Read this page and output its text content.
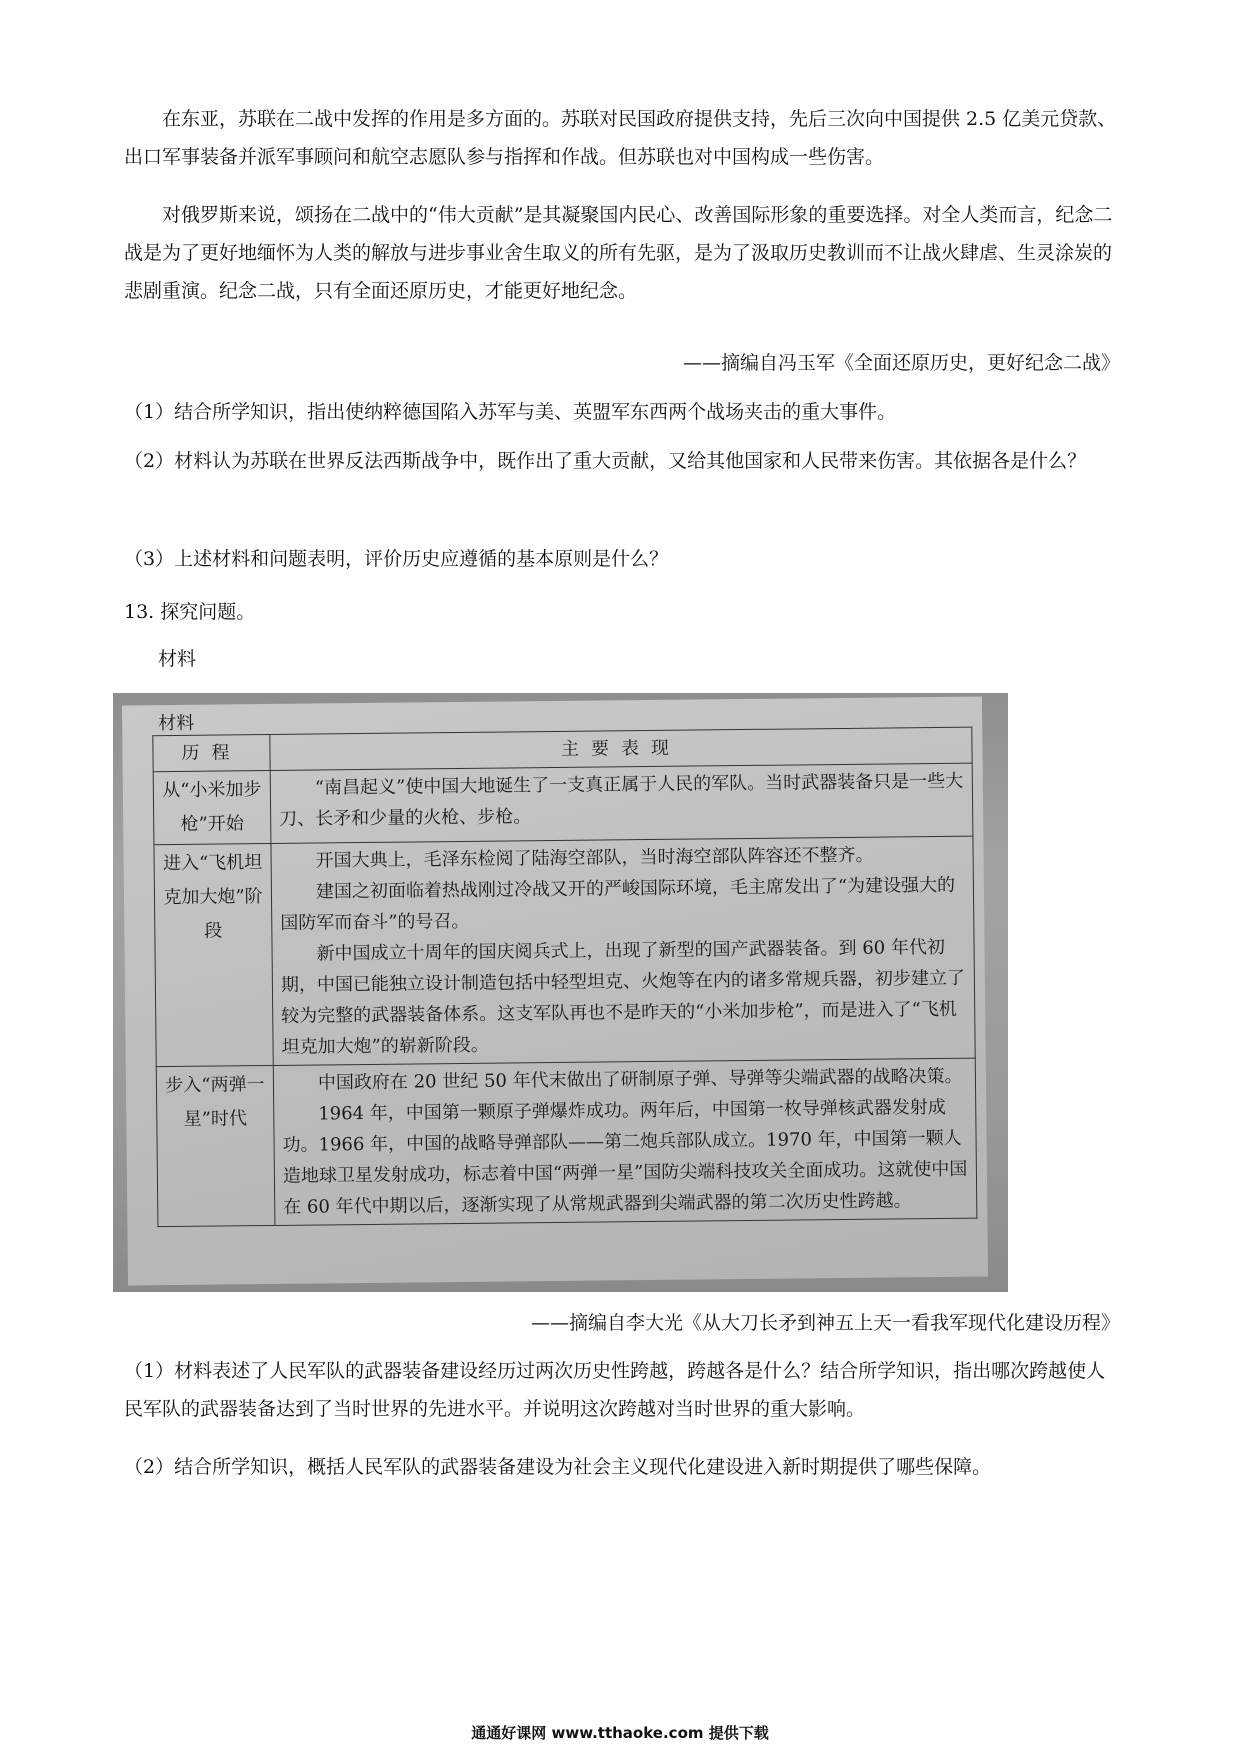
在东亚，苏联在二战中发挥的作用是多方面的。苏联对民国政府提供支持，先后三次向中国提供 2.5 亿美元贷款、出口军事装备并派军事顾问和航空志愿队参与指挥和作战。但苏联也对中国构成一些伤害。

对俄罗斯来说，颂扬在二战中的“伟大贡献”是其凝聚国内民心、改善国际形象的重要选择。对全人类而言，纪念二战是为了更好地缅怀为人类的解放与进步事业舍生取义的所有先驱，是为了汲取历史教训而不让战火肆虐、生灵涂炭的悲剧重演。纪念二战，只有全面还原历史，才能更好地纪念。

——摘编自冯玉军《全面还原历史，更好纪念二战》

（1）结合所学知识，指出使纳粹德国陷入苏军与美、英盟军东西两个战场夹击的重大事件。

（2）材料认为苏联在世界反法西斯战争中，既作出了重大贡献，又给其他国家和人民带来伤害。其依据各是什么？

（3）上述材料和问题表明，评价历史应遵循的基本原则是什么？

13. 探究问题。

材料

材料
历程	主要表现
从“小米加步枪”开始	“南昌起义”使中国大地诞生了一支真正属于人民的军队。当时武器装备只是一些大刀、长矛和少量的火枪、步枪。

进入“飞机坦克加大炮”阶段	开国大典上，毛泽东检阅了陆海空部队，当时海空部队阵容还不整齐。

建国之初面临着热战刚过冷战又开的严峻国际环境，毛主席发出了“为建设强大的国防军而奋斗”的号召。

新中国成立十周年的国庆阅兵式上，出现了新型的国产武器装备。到 60 年代初期，中国已能独立设计制造包括中轻型坦克、火炮等在内的诸多常规兵器，初步建立了较为完整的武器装备体系。这支军队再也不是昨天的“小米加步枪”，而是进入了“飞机坦克加大炮”的崭新阶段。

步入“两弹一星”时代	中国政府在 20 世纪 50 年代末做出了研制原子弹、导弹等尖端武器的战略决策。

1964 年，中国第一颗原子弹爆炸成功。两年后，中国第一枚导弹核武器发射成功。1966 年，中国的战略导弹部队——第二炮兵部队成立。1970 年，中国第一颗人造地球卫星发射成功，标志着中国“两弹一星”国防尖端科技攻关全面成功。这就使中国在 60 年代中期以后，逐渐实现了从常规武器到尖端武器的第二次历史性跨越。

——摘编自李大光《从大刀长矛到神五上天一看我军现代化建设历程》

（1）材料表述了人民军队的武器装备建设经历过两次历史性跨越，跨越各是什么？结合所学知识，指出哪次跨越使人民军队的武器装备达到了当时世界的先进水平。并说明这次跨越对当时世界的重大影响。

（2）结合所学知识，概括人民军队的武器装备建设为社会主义现代化建设进入新时期提供了哪些保障。

通通好课网 www.tthaoke.com 提供下载
